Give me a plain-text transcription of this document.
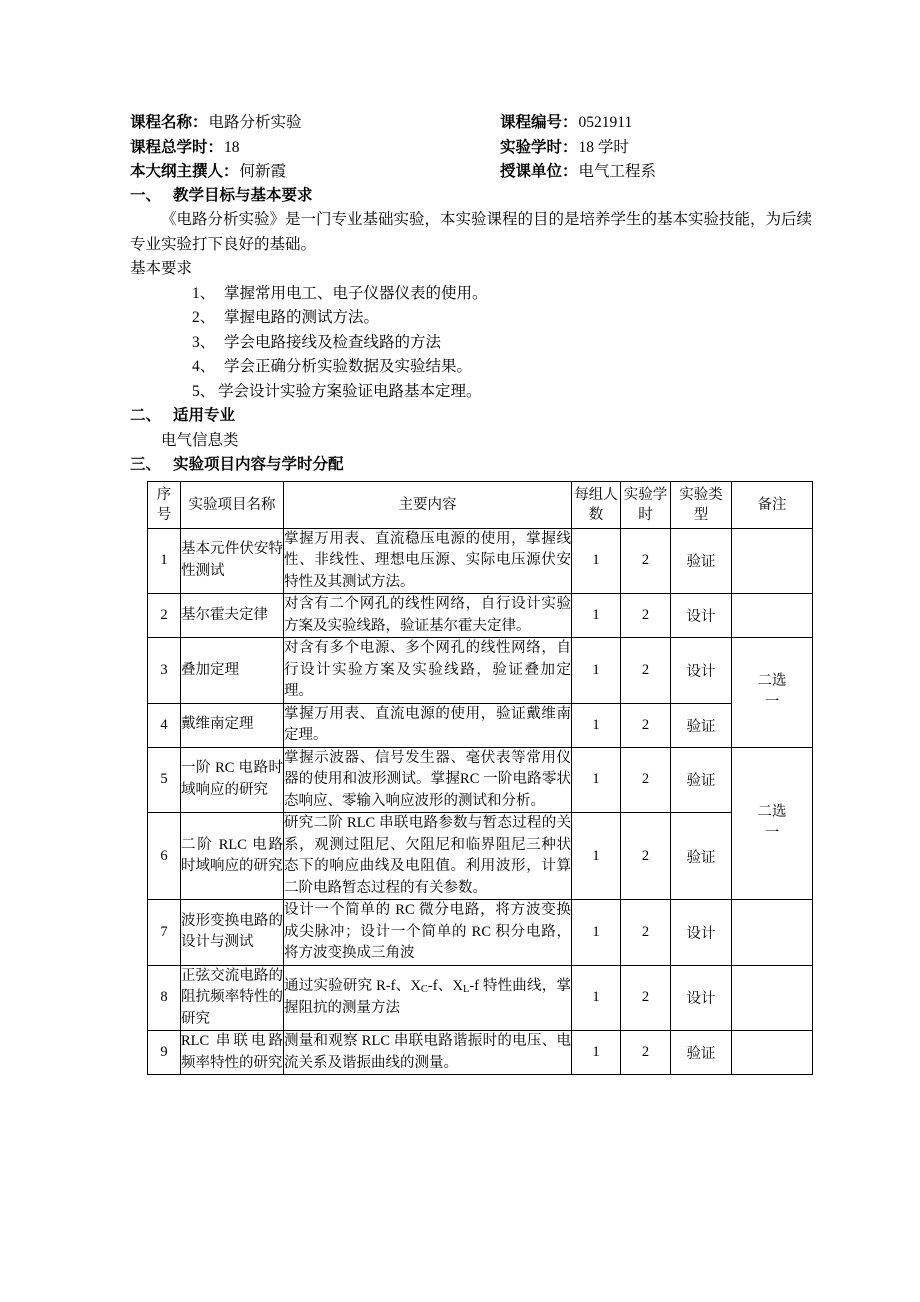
课程名称： 电路分析实验	课程编号： 0521911
课程总学时： 18	实验学时： 18 学时
本大纲主撰人： 何新霞	授课单位： 电气工程系
一、 教学目标与基本要求

《电路分析实验》是一门专业基础实验，本实验课程的目的是培养学生的基本实验技能，为后续专业实验打下良好的基础。

基本要求
1、 掌握常用电工、电子仪器仪表的使用。
2、 掌握电路的测试方法。
3、 学会电路接线及检查线路的方法
4、 学会正确分析实验数据及实验结果。
5、 学会设计实验方案验证电路基本定理。
二、 适用专业
电气信息类
三、 实验项目内容与学时分配
序号	实验项目名称	主要内容	每组人数	实验学时	实验类型	备注
1	基本元件伏安特性测试	掌握万用表、直流稳压电源的使用，掌握线性、非线性、理想电压源、实际电压源伏安特性及其测试方法。	1	2	验证	
2	基尔霍夫定律	对含有二个网孔的线性网络，自行设计实验方案及实验线路，验证基尔霍夫定律。	1	2	设计	
3	叠加定理	对含有多个电源、多个网孔的线性网络，自行设计实验方案及实验线路，验证叠加定理。	1	2	设计	二选一
4	戴维南定理	掌握万用表、直流电源的使用，验证戴维南定理。	1	2	验证	
5	一阶 RC 电路时域响应的研究	掌握示波器、信号发生器、毫伏表等常用仪器的使用和波形测试。掌握RC 一阶电路零状态响应、零输入响应波形的测试和分析。	1	2	验证	二选一
6	二阶 RLC 电路时域响应的研究	研究二阶 RLC 串联电路参数与暂态过程的关系，观测过阻尼、欠阻尼和临界阻尼三种状态下的响应曲线及电阻值。利用波形，计算二阶电路暂态过程的有关参数。	1	2	验证	
7	波形变换电路的设计与测试	设计一个简单的 RC 微分电路，将方波变换成尖脉冲；设计一个简单的 RC 积分电路，将方波变换成三角波	1	2	设计	
8	正弦交流电路的阻抗频率特性的研究	通过实验研究 R-f、$X_C-f$、$X_L-f$ 特性曲线，掌握阻抗的测量方法	1	2	设计	
9	RLC 串联电路频率特性的研究	测量和观察 RLC 串联电路谐振时的电压、电流关系及谐振曲线的测量。	1	2	验证	
